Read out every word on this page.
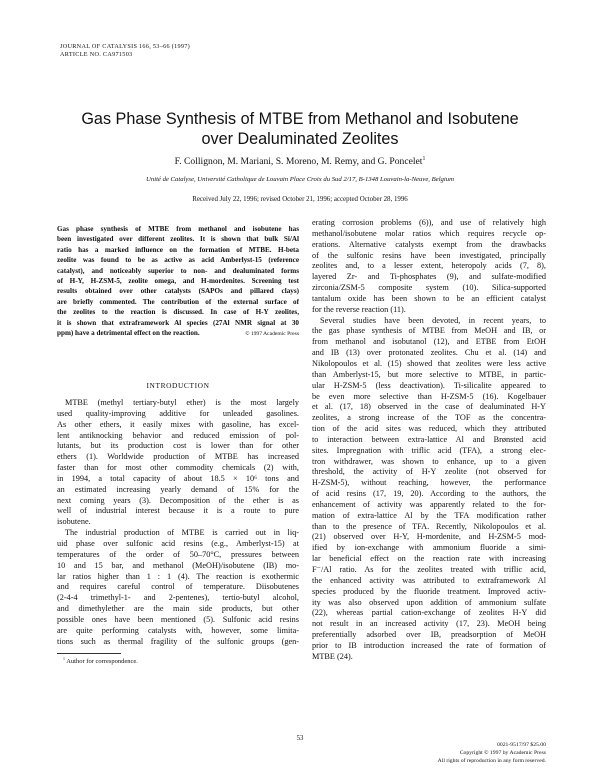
JOURNAL OF CATALYSIS 166, 53–66 (1997)
ARTICLE NO. CA971503
Gas Phase Synthesis of MTBE from Methanol and Isobutene
over Dealuminated Zeolites
F. Collignon, M. Mariani, S. Moreno, M. Remy, and G. Poncelet$^1$
Unité de Catalyse, Université Catholique de Louvain Place Croix du Sud 2/17, B-1348 Louvain-la-Neuve, Belgium
Received July 22, 1996; revised October 21, 1996; accepted October 28, 1996
Gas phase synthesis of MTBE from methanol and isobutene has
been investigated over different zeolites. It is shown that bulk Si/Al
ratio has a marked influence on the formation of MTBE. H-beta
zeolite was found to be as active as acid Amberlyst-15 (reference
catalyst), and noticeably superior to non- and dealuminated forms
of H-Y, H-ZSM-5, zeolite omega, and H-mordenites. Screening test
results obtained over other catalysts (SAPOs and pillared clays)
are briefly commented. The contribution of the external surface of
the zeolites to the reaction is discussed. In case of H-Y zeolites,
it is shown that extraframework Al species (27Al NMR signal at 30
© 1997 Academic Press
ppm) have a detrimental effect on the reaction.
INTRODUCTION
MTBE (methyl tertiary-butyl ether) is the most largely
used quality-improving additive for unleaded gasolines.
As other ethers, it easily mixes with gasoline, has excel-
lent antiknocking behavior and reduced emission of pol-
lutants, but its production cost is lower than for other
ethers (1). Worldwide production of MTBE has increased
faster than for most other commodity chemicals (2) with,
in 1994, a total capacity of about 18.5 × 10⁶ tons and
an estimated increasing yearly demand of 15% for the
next coming years (3). Decomposition of the ether is as
well of industrial interest because it is a route to pure
isobutene.
The industrial production of MTBE is carried out in liq-
uid phase over sulfonic acid resins (e.g., Amberlyst-15) at
temperatures of the order of 50–70°C, pressures between
10 and 15 bar, and methanol (MeOH)/isobutene (IB) mo-
lar ratios higher than 1 : 1 (4). The reaction is exothermic
and requires careful control of temperature. Diisobutenes
(2-4-4 trimethyl-1- and 2-pentenes), tertio-butyl alcohol,
and dimethylether are the main side products, but other
possible ones have been mentioned (5). Sulfonic acid resins
are quite performing catalysts with, however, some limita-
tions such as thermal fragility of the sulfonic groups (gen-
erating corrosion problems (6)), and use of relatively high
methanol/isobutene molar ratios which requires recycle op-
erations. Alternative catalysts exempt from the drawbacks
of the sulfonic resins have been investigated, principally
zeolites and, to a lesser extent, heteropoly acids (7, 8),
layered Zr- and Ti-phosphates (9), and sulfate-modified
zirconia/ZSM-5 composite system (10). Silica-supported
tantalum oxide has been shown to be an efficient catalyst
for the reverse reaction (11).
Several studies have been devoted, in recent years, to
the gas phase synthesis of MTBE from MeOH and IB, or
from methanol and isobutanol (12), and ETBE from EtOH
and IB (13) over protonated zeolites. Chu et al. (14) and
Nikolopoulos et al. (15) showed that zeolites were less active
than Amberlyst-15, but more selective to MTBE, in partic-
ular H-ZSM-5 (less deactivation). Ti-silicalite appeared to
be even more selective than H-ZSM-5 (16). Kogelbauer
et al. (17, 18) observed in the case of dealuminated H-Y
zeolites, a strong increase of the TOF as the concentra-
tion of the acid sites was reduced, which they attributed
to interaction between extra-lattice Al and Brønsted acid
sites. Impregnation with triflic acid (TFA), a strong elec-
tron withdrawer, was shown to enhance, up to a given
threshold, the activity of H-Y zeolite (not observed for
H-ZSM-5), without reaching, however, the performance
of acid resins (17, 19, 20). According to the authors, the
enhancement of activity was apparently related to the for-
mation of extra-lattice Al by the TFA modification rather
than to the presence of TFA. Recently, Nikolopoulos et al.
(21) observed over H-Y, H-mordenite, and H-ZSM-5 mod-
ified by ion-exchange with ammonium fluoride a simi-
lar beneficial effect on the reaction rate with increasing
F⁻/Al ratio. As for the zeolites treated with triflic acid,
the enhanced activity was attributed to extraframework Al
species produced by the fluoride treatment. Improved activ-
ity was also observed upon addition of ammonium sulfate
(22), whereas partial cation-exchange of zeolites H-Y did
not result in an increased activity (17, 23). MeOH being
preferentially adsorbed over IB, preadsorption of MeOH
prior to IB introduction increased the rate of formation of
MTBE (24).
$^1$ Author for correspondence.
53
0021-9517/97 $25.00
Copyright © 1997 by Academic Press
All rights of reproduction in any form reserved.
